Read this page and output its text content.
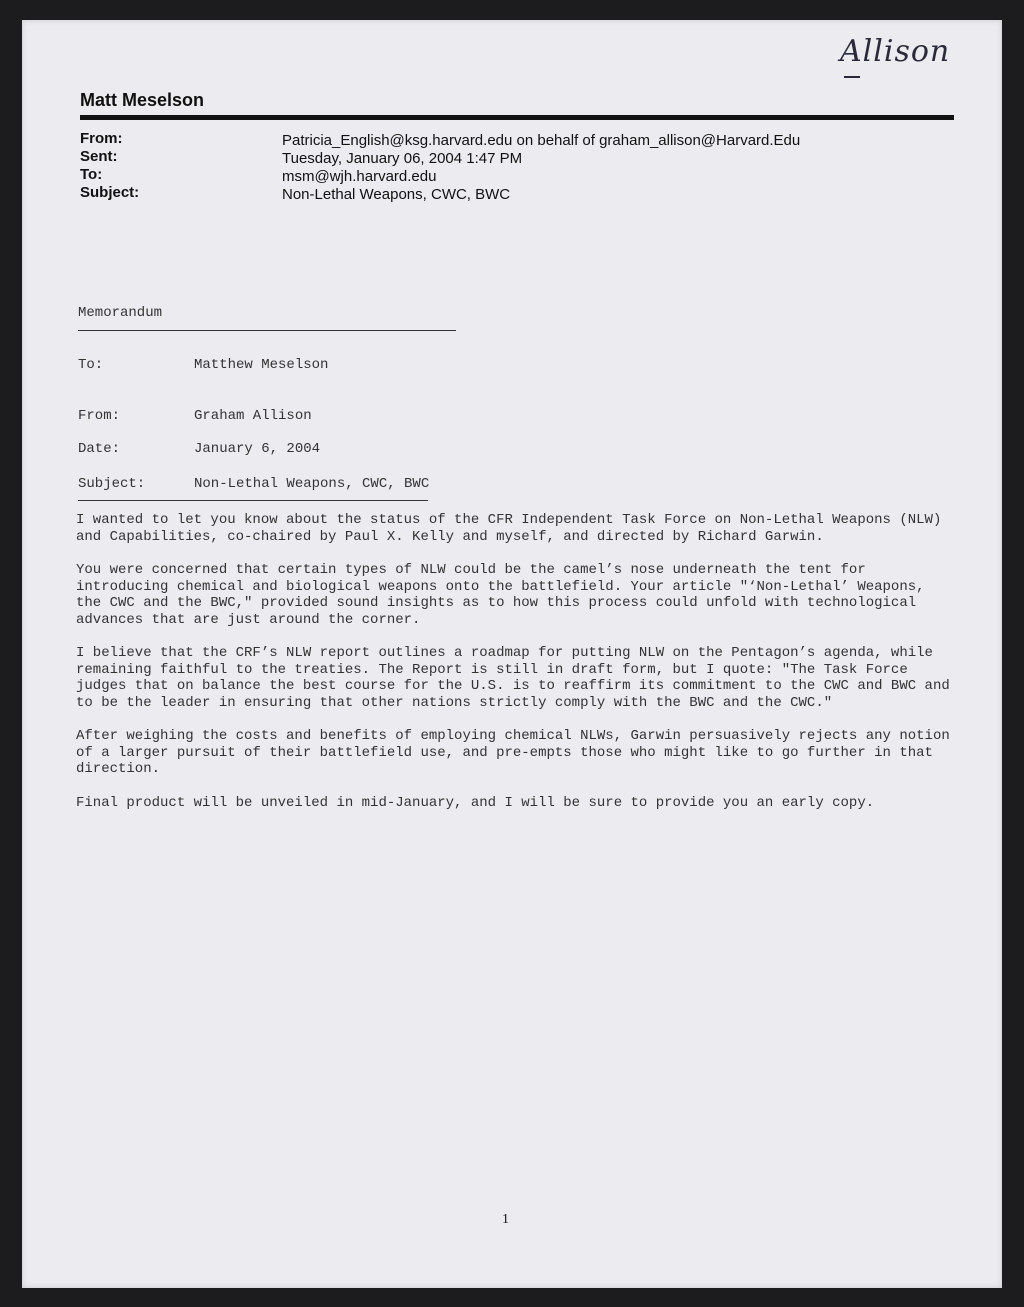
Allison
Matt Meselson
From:	Patricia_English@ksg.harvard.edu on behalf of graham_allison@Harvard.Edu
Sent:	Tuesday, January 06, 2004 1:47 PM
To:	msm@wjh.harvard.edu
Subject:	Non-Lethal Weapons, CWC, BWC
Memorandum
To:	Matthew Meselson
From:	Graham Allison
Date:	January 6, 2004
Subject:	Non-Lethal Weapons, CWC, BWC

I wanted to let you know about the status of the CFR Independent Task Force on Non-Lethal Weapons (NLW) and Capabilities, co-chaired by Paul X. Kelly and myself, and directed by Richard Garwin.

You were concerned that certain types of NLW could be the camel’s nose underneath the tent for introducing chemical and biological weapons onto the battlefield. Your article "‘Non-Lethal’ Weapons, the CWC and the BWC," provided sound insights as to how this process could unfold with technological advances that are just around the corner.

I believe that the CRF’s NLW report outlines a roadmap for putting NLW on the Pentagon’s agenda, while remaining faithful to the treaties. The Report is still in draft form, but I quote: "The Task Force judges that on balance the best course for the U.S. is to reaffirm its commitment to the CWC and BWC and to be the leader in ensuring that other nations strictly comply with the BWC and the CWC."

After weighing the costs and benefits of employing chemical NLWs, Garwin persuasively rejects any notion of a larger pursuit of their battlefield use, and pre-empts those who might like to go further in that direction.

Final product will be unveiled in mid-January, and I will be sure to provide you an early copy.

1
